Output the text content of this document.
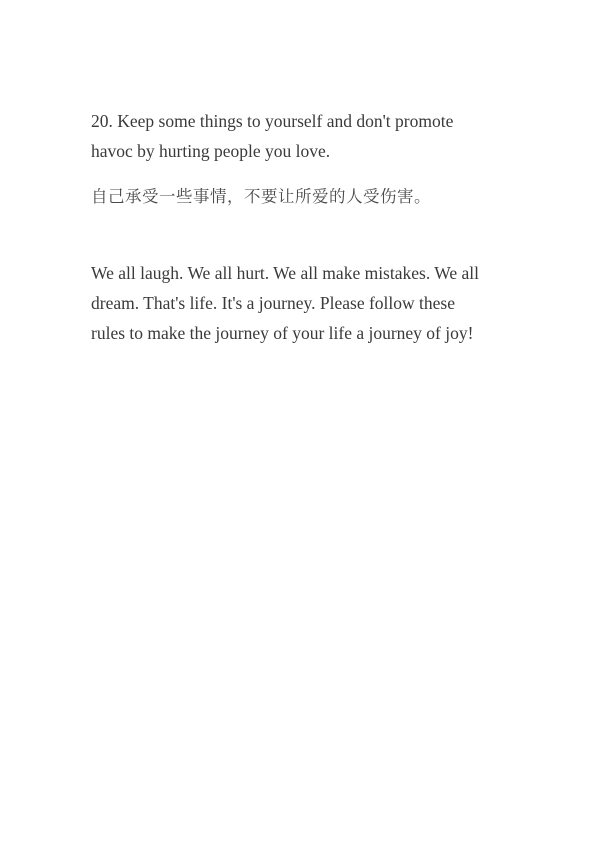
20. Keep some things to yourself and don't promote
havoc by hurting people you love.

自己承受一些事情，不要让所爱的人受伤害。

We all laugh. We all hurt. We all make mistakes. We all
dream. That's life. It's a journey. Please follow these
rules to make the journey of your life a journey of joy!
